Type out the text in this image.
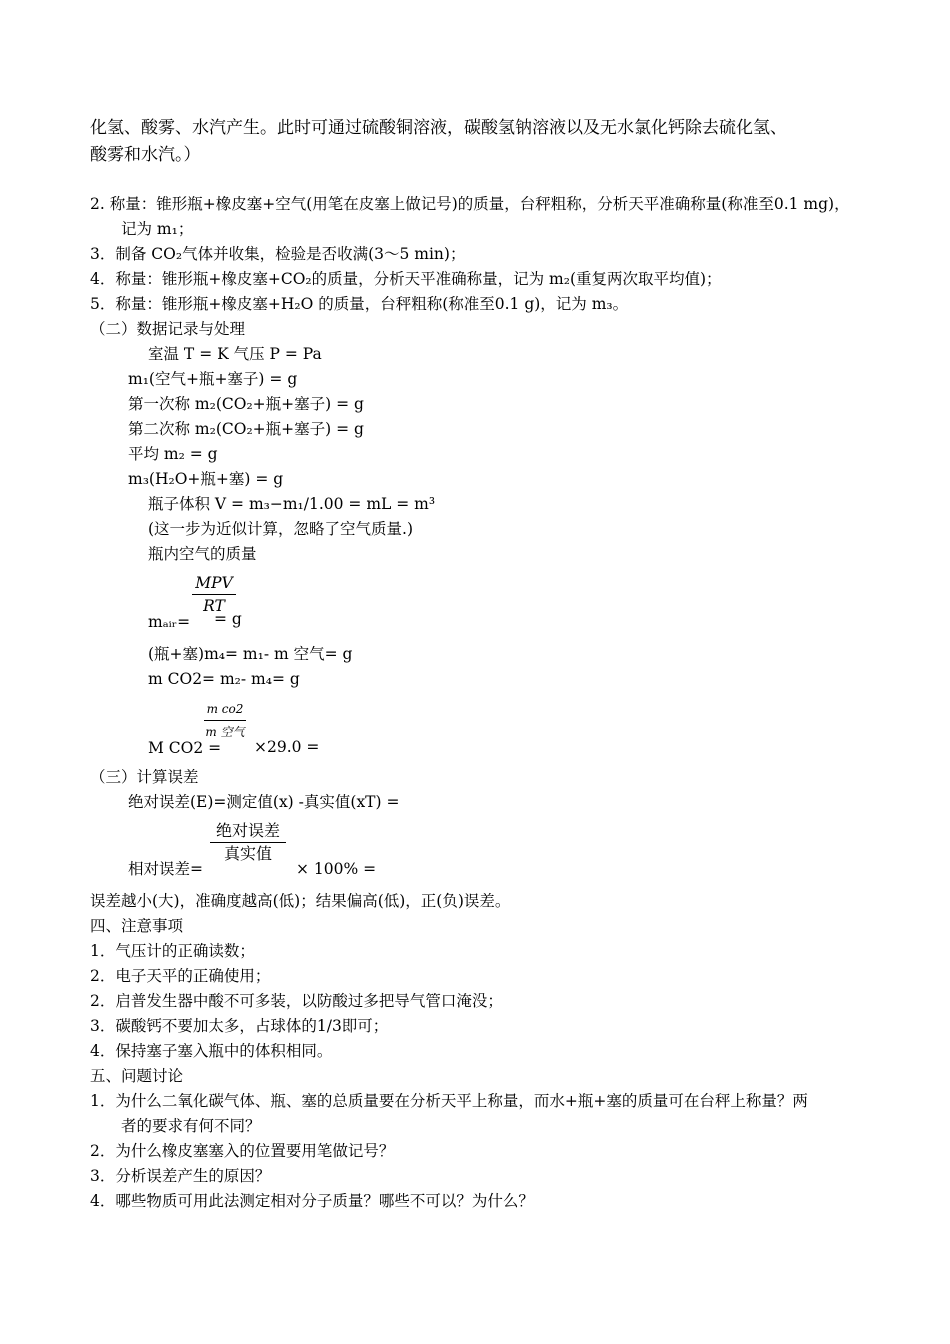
化氢、酸雾、水汽产生。此时可通过硫酸铜溶液，碳酸氢钠溶液以及无水氯化钙除去硫化氢、
酸雾和水汽。）
2. 称量：锥形瓶+橡皮塞+空气(用笔在皮塞上做记号)的质量，台秤粗称，分析天平准确称量(称准至0.1 mg)，
记为 m₁；
3．制备 CO₂气体并收集，检验是否收满(3～5 min)；
4．称量：锥形瓶+橡皮塞+CO₂的质量，分析天平准确称量，记为 m₂(重复两次取平均值)；
5．称量：锥形瓶+橡皮塞+H₂O 的质量，台秤粗称(称准至0.1 g)，记为 m₃。
（二）数据记录与处理
室温 T = K 气压 P = Pa
m₁(空气+瓶+塞子) = g
第一次称 m₂(CO₂+瓶+塞子) = g
第二次称 m₂(CO₂+瓶+塞子) = g
平均 m₂ = g
m₃(H₂O+瓶+塞) = g
瓶子体积 V = m₃−m₁/1.00 = mL = m³
(这一步为近似计算，忽略了空气质量.)
瓶内空气的质量
MPV
RT
mₐᵢᵣ= = g
(瓶+塞)m₄= m₁- m 空气= g
m CO2= m₂- m₄= g
m co2
m 空气
M CO2 = ×29.0 =
（三）计算误差
绝对误差(E)=测定值(x) -真实值(xT) =
绝对误差
真实值
相对误差=	× 100% =
误差越小(大)，准确度越高(低)；结果偏高(低)，正(负)误差。
四、注意事项
1．气压计的正确读数；
2．电子天平的正确使用；
2．启普发生器中酸不可多装，以防酸过多把导气管口淹没；
3．碳酸钙不要加太多，占球体的1/3即可；
4．保持塞子塞入瓶中的体积相同。
五、问题讨论
1．为什么二氧化碳气体、瓶、塞的总质量要在分析天平上称量，而水+瓶+塞的质量可在台秤上称量？两
者的要求有何不同？
2．为什么橡皮塞塞入的位置要用笔做记号？
3．分析误差产生的原因？
4．哪些物质可用此法测定相对分子质量？哪些不可以？为什么？
